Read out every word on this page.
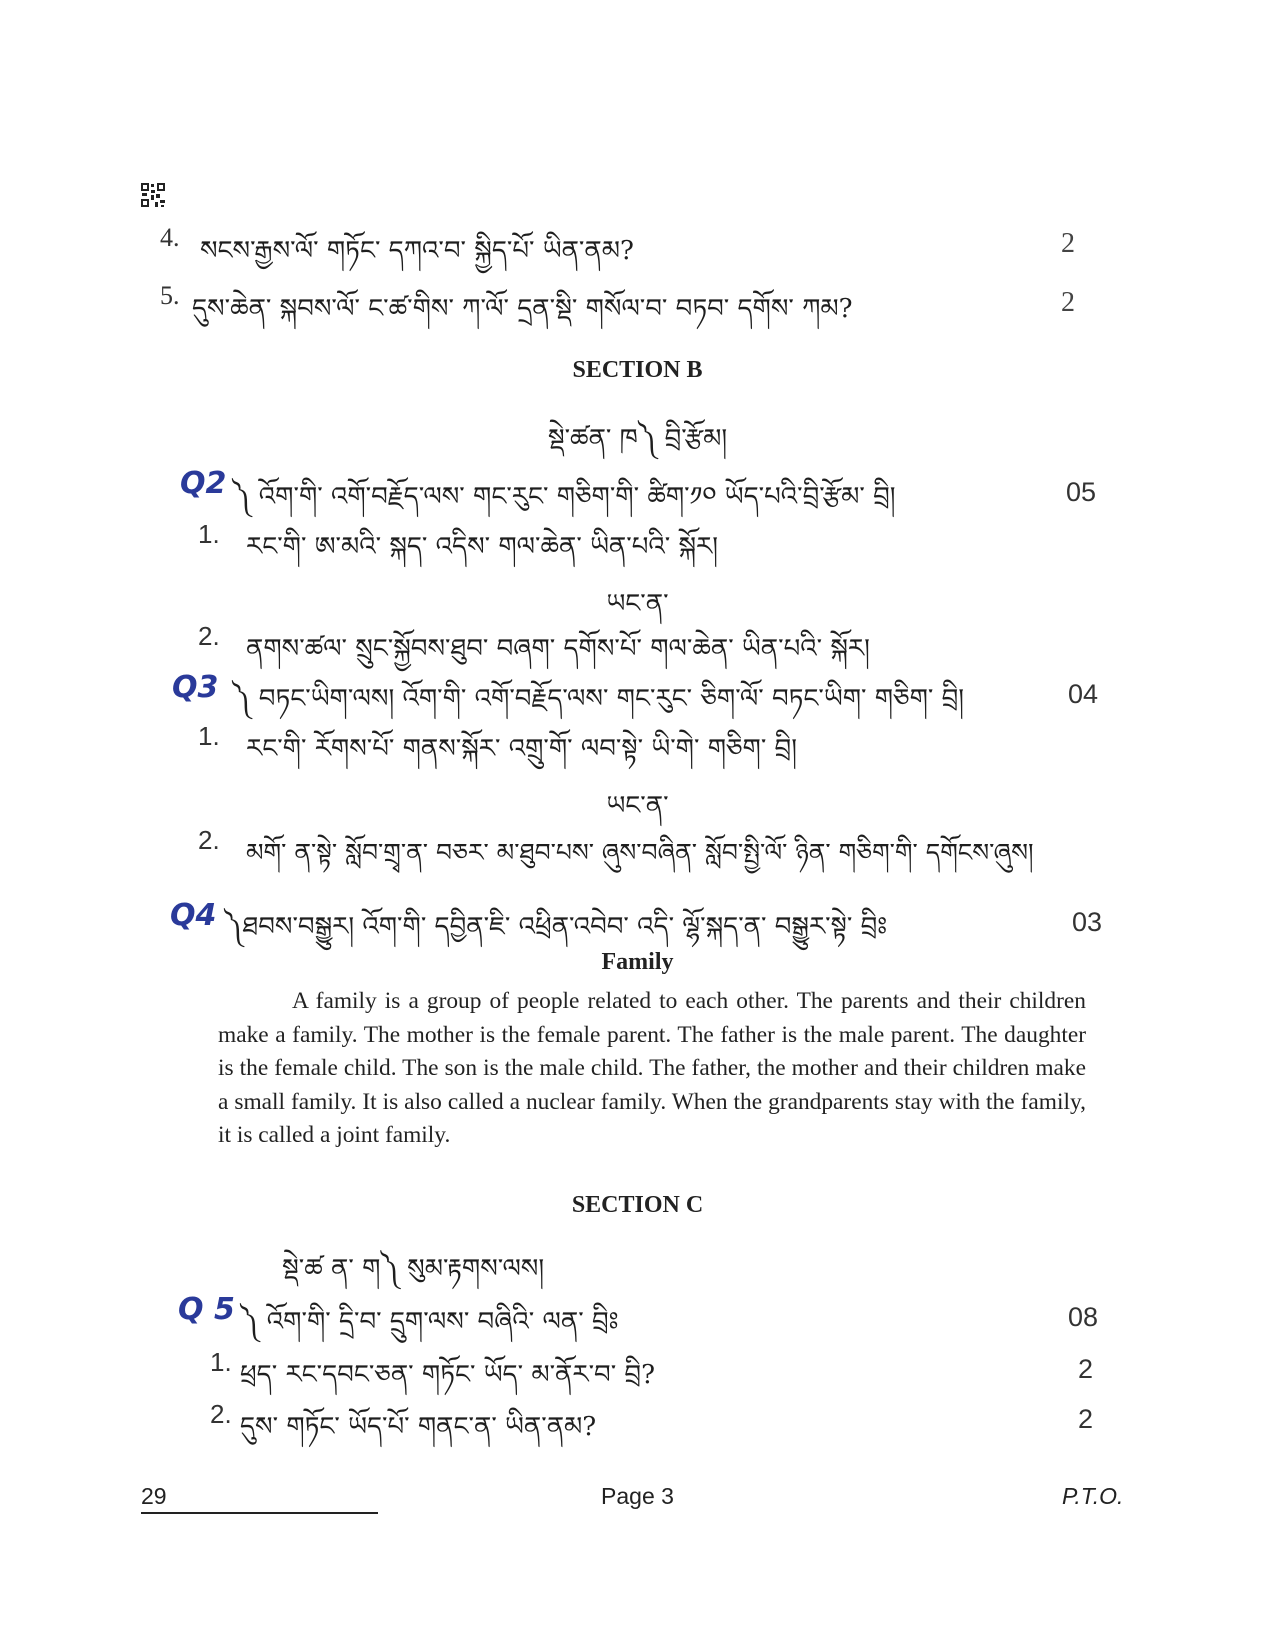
4. སངས་རྒྱས་ལོ་ གཏོང་ དཀའ་བ་ སྐྱིད་པོ་ ཡིན་ནམ?	2
5. དུས་ཆེན་ སྐབས་ལོ་ ང་ཚ་གིས་ ཀ་ལོ་ དྲན་སྡི་ གསོལ་བ་ བཏབ་ དགོས་ ཀམ?	2
SECTION B
སྡེ་ཚན་ ཁ༽ བྲི་རྩོམ།
Q2 ༽ འོག་གི་ འགོ་བརྗོད་ལས་ གང་རུང་ གཅིག་གི་ ཚིག་༡༠ ཡོད་པའི་བྲི་རྩོམ་ བྲི།	05
1. རང་གི་ ཨ་མའི་ སྐད་ འདིས་ གལ་ཆེན་ ཡིན་པའི་ སྐོར།
ཡང་ན་
2. ནགས་ཚལ་ སྲུང་སྐྱོབས་ཐུབ་ བཞག་ དགོས་པོ་ གལ་ཆེན་ ཡིན་པའི་ སྐོར།
Q3 ༽ བཏང་ཡིག་ལས། འོག་གི་ འགོ་བརྗོད་ལས་ གང་རུང་ ཅིག་ལོ་ བཏང་ཡིག་ གཅིག་ བྲི།	04
1. རང་གི་ རོགས་པོ་ གནས་སྐོར་ འགྲུ་གོ་ ལབ་སྟེ་ ཡི་གེ་ གཅིག་ བྲི།
ཡང་ན་
2. མགོ་ ན་སྟེ་ སློབ་གྲྭ་ན་ བཅར་ མ་ཐུབ་པས་ ཞུས་བཞིན་ སློབ་སྤྱི་ལོ་ ཉིན་ གཅིག་གི་ དགོངས་ཞུས།
Q4 ༽ཐབས་བསྒྱུར། འོག་གི་ དབྱིན་ཇི་ འཕྲིན་འབེབ་ འདི་ ལྷོ་སྐད་ན་ བསྒྱུར་སྟེ་ བྲིཿ	03
Family

A family is a group of people related to each other. The parents and their children make a family. The mother is the female parent. The father is the male parent. The daughter is the female child. The son is the male child. The father, the mother and their children make a small family. It is also called a nuclear family. When the grandparents stay with the family, it is called a joint family.

SECTION C
སྡེ་ཚ ན་ ག༽ སུམ་རྟགས་ལས།
Q 5 ༽ འོག་གི་ དྲི་བ་ དྲུག་ལས་ བཞིའི་ ལན་ བྲིཿ	08
1. ཕྲད་ རང་དབང་ཅན་ གཏོང་ ཡོད་ མ་ནོར་བ་ བྲི?	2
2. དུས་ གཏོང་ ཡོད་པོ་ གནང་ན་ ཡིན་ནམ?	2
29	Page 3	P.T.O.
